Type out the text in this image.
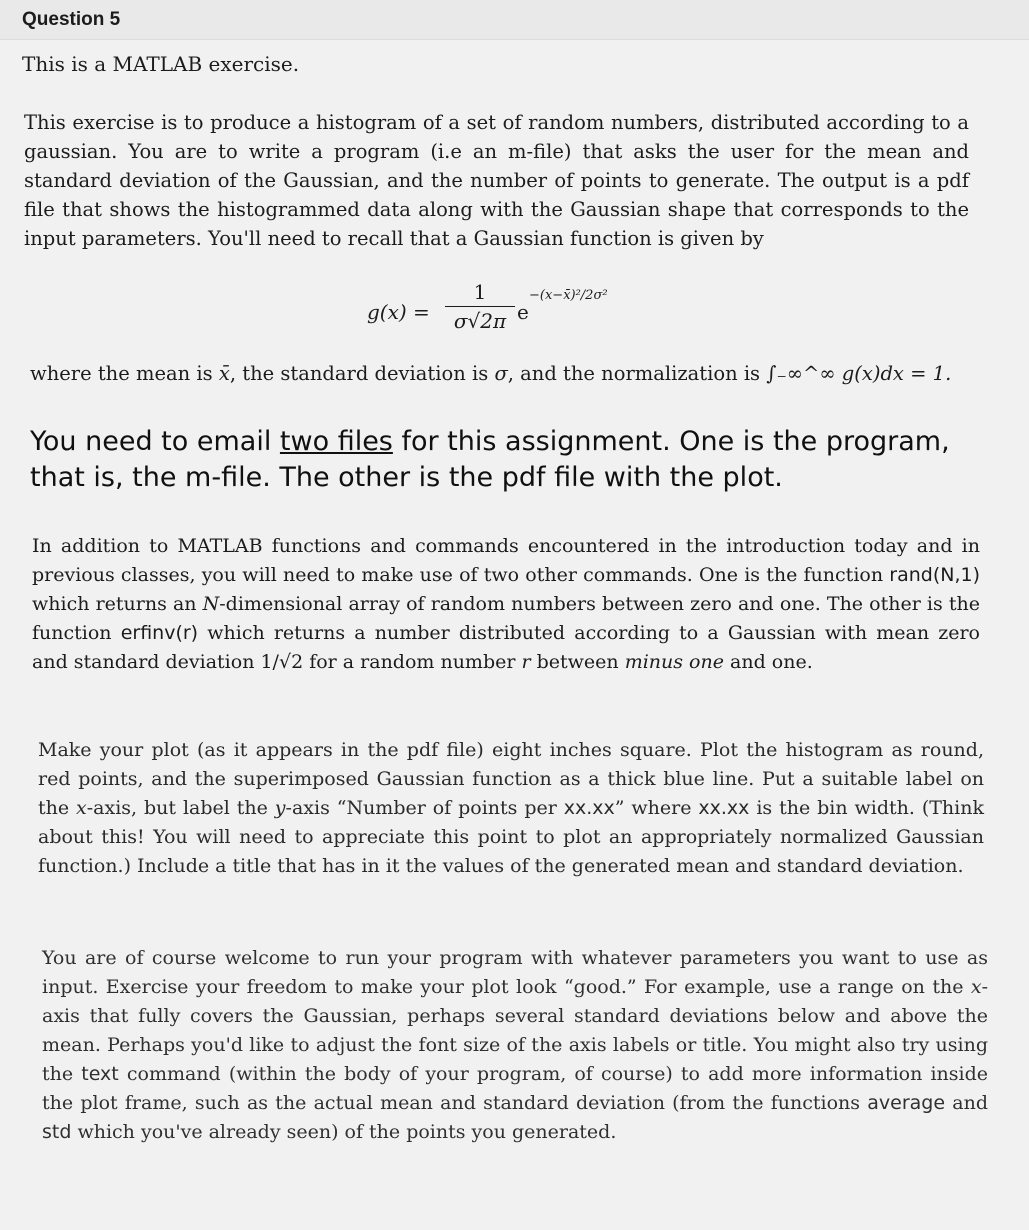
Question 5

This is a MATLAB exercise.

This exercise is to produce a histogram of a set of random numbers, distributed according to a gaussian. You are to write a program (i.e an m-file) that asks the user for the mean and standard deviation of the Gaussian, and the number of points to generate. The output is a pdf file that shows the histogrammed data along with the Gaussian shape that corresponds to the input parameters. You'll need to recall that a Gaussian function is given by

$g(x) = \frac{1}{\sigma√2\pi}$ e
−(x−x̄)²/2σ²

where the mean is x̄, the standard deviation is σ, and the normalization is ∫₋∞^∞ g(x)dx = 1.

You need to email two files for this assignment. One is the program, that is, the m-file. The other is the pdf file with the plot.

In addition to MATLAB functions and commands encountered in the introduction today and in previous classes, you will need to make use of two other commands. One is the function rand(N,1) which returns an N-dimensional array of random numbers between zero and one. The other is the function erfinv(r) which returns a number distributed according to a Gaussian with mean zero and standard deviation 1/√2 for a random number r between minus one and one.

Make your plot (as it appears in the pdf file) eight inches square. Plot the histogram as round, red points, and the superimposed Gaussian function as a thick blue line. Put a suitable label on the x-axis, but label the y-axis “Number of points per xx.xx” where xx.xx is the bin width. (Think about this! You will need to appreciate this point to plot an appropriately normalized Gaussian function.) Include a title that has in it the values of the generated mean and standard deviation.

You are of course welcome to run your program with whatever parameters you want to use as input. Exercise your freedom to make your plot look “good.” For example, use a range on the x-axis that fully covers the Gaussian, perhaps several standard deviations below and above the mean. Perhaps you'd like to adjust the font size of the axis labels or title. You might also try using the text command (within the body of your program, of course) to add more information inside the plot frame, such as the actual mean and standard deviation (from the functions average and std which you've already seen) of the points you generated.
